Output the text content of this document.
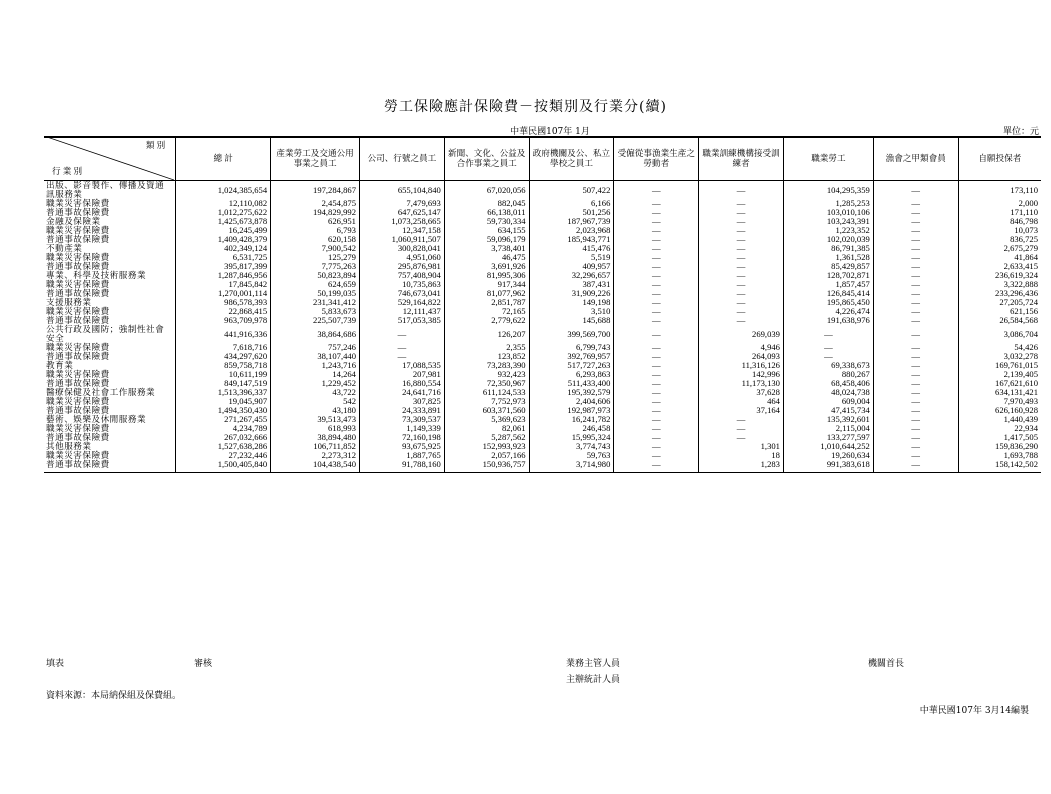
勞工保險應計保險費－按類別及行業分(續)
中華民國107年 1月	單位：元
類 別
行 業 別	總 計	產業勞工及交通公用事業之員工	公司、行號之員工	新聞、文化、公益及合作事業之員工	政府機關及公、私立學校之員工	受僱從事漁業生產之勞動者	職業訓練機構接受訓練者	職業勞工	漁會之甲類會員	自願投保者
出版、影音製作、傳播及資通訊服務業	1,024,385,654	197,284,867	655,104,840	67,020,056	507,422	—	—	104,295,359	—	173,110
職業災害保險費	12,110,082	2,454,875	7,479,693	882,045	6,166	—	—	1,285,253	—	2,000
普通事故保險費	1,012,275,622	194,829,992	647,625,147	66,138,011	501,256	—	—	103,010,106	—	171,110
金融及保險業	1,425,673,878	626,951	1,073,258,665	59,730,334	187,967,739	—	—	103,243,391	—	846,798
職業災害保險費	16,245,499	6,793	12,347,158	634,155	2,023,968	—	—	1,223,352	—	10,073
普通事故保險費	1,409,428,379	620,158	1,060,911,507	59,096,179	185,943,771	—	—	102,020,039	—	836,725
不動產業	402,349,124	7,900,542	300,828,041	3,738,401	415,476	—	—	86,791,385	—	2,675,279
職業災害保險費	6,531,725	125,279	4,951,060	46,475	5,519	—	—	1,361,528	—	41,864
普通事故保險費	395,817,399	7,775,263	295,876,981	3,691,926	409,957	—	—	85,429,857	—	2,633,415
專業、科學及技術服務業	1,287,846,956	50,823,894	757,408,904	81,995,306	32,296,657	—	—	128,702,871	—	236,619,324
職業災害保險費	17,845,842	624,659	10,735,863	917,344	387,431	—	—	1,857,457	—	3,322,888
普通事故保險費	1,270,001,114	50,199,035	746,673,041	81,077,962	31,909,226	—	—	126,845,414	—	233,296,436
支援服務業	986,578,393	231,341,412	529,164,822	2,851,787	149,198	—	—	195,865,450	—	27,205,724
職業災害保險費	22,868,415	5,833,673	12,111,437	72,165	3,510	—	—	4,226,474	—	621,156
普通事故保險費	963,709,978	225,507,739	517,053,385	2,779,622	145,688	—	—	191,638,976	—	26,584,568
公共行政及國防；強制性社會安全	441,916,336	38,864,686	—	126,207	399,569,700	—	269,039	—	—	3,086,704
職業災害保險費	7,618,716	757,246	—	2,355	6,799,743	—	4,946	—	—	54,426
普通事故保險費	434,297,620	38,107,440	—	123,852	392,769,957	—	264,093	—	—	3,032,278
教育業	859,758,718	1,243,716	17,088,535	73,283,390	517,727,263	—	11,316,126	69,338,673	—	169,761,015
職業災害保險費	10,611,199	14,264	207,981	932,423	6,293,863	—	142,996	880,267	—	2,139,405
普通事故保險費	849,147,519	1,229,452	16,880,554	72,350,967	511,433,400	—	11,173,130	68,458,406	—	167,621,610
醫療保健及社會工作服務業	1,513,396,337	43,722	24,641,716	611,124,533	195,392,579	—	37,628	48,024,738	—	634,131,421
職業災害保險費	19,045,907	542	307,825	7,752,973	2,404,606	—	464	609,004	—	7,970,493
普通事故保險費	1,494,350,430	43,180	24,333,891	603,371,560	192,987,973	—	37,164	47,415,734	—	626,160,928
藝術、娛樂及休閒服務業	271,267,455	39,513,473	73,309,537	5,369,623	16,241,782	—	—	135,392,601	—	1,440,439
職業災害保險費	4,234,789	618,993	1,149,339	82,061	246,458	—	—	2,115,004	—	22,934
普通事故保險費	267,032,666	38,894,480	72,160,198	5,287,562	15,995,324	—	—	133,277,597	—	1,417,505
其他服務業	1,527,638,286	106,711,852	93,675,925	152,993,923	3,774,743	—	1,301	1,010,644,252	—	159,836,290
職業災害保險費	27,232,446	2,273,312	1,887,765	2,057,166	59,763	—	18	19,260,634	—	1,693,788
普通事故保險費	1,500,405,840	104,438,540	91,788,160	150,936,757	3,714,980	—	1,283	991,383,618	—	158,142,502
填表	審核	業務主管人員
主辦統計人員
機關首長
資料來源：本局納保組及保費組。
中華民國107年 3月14編製
